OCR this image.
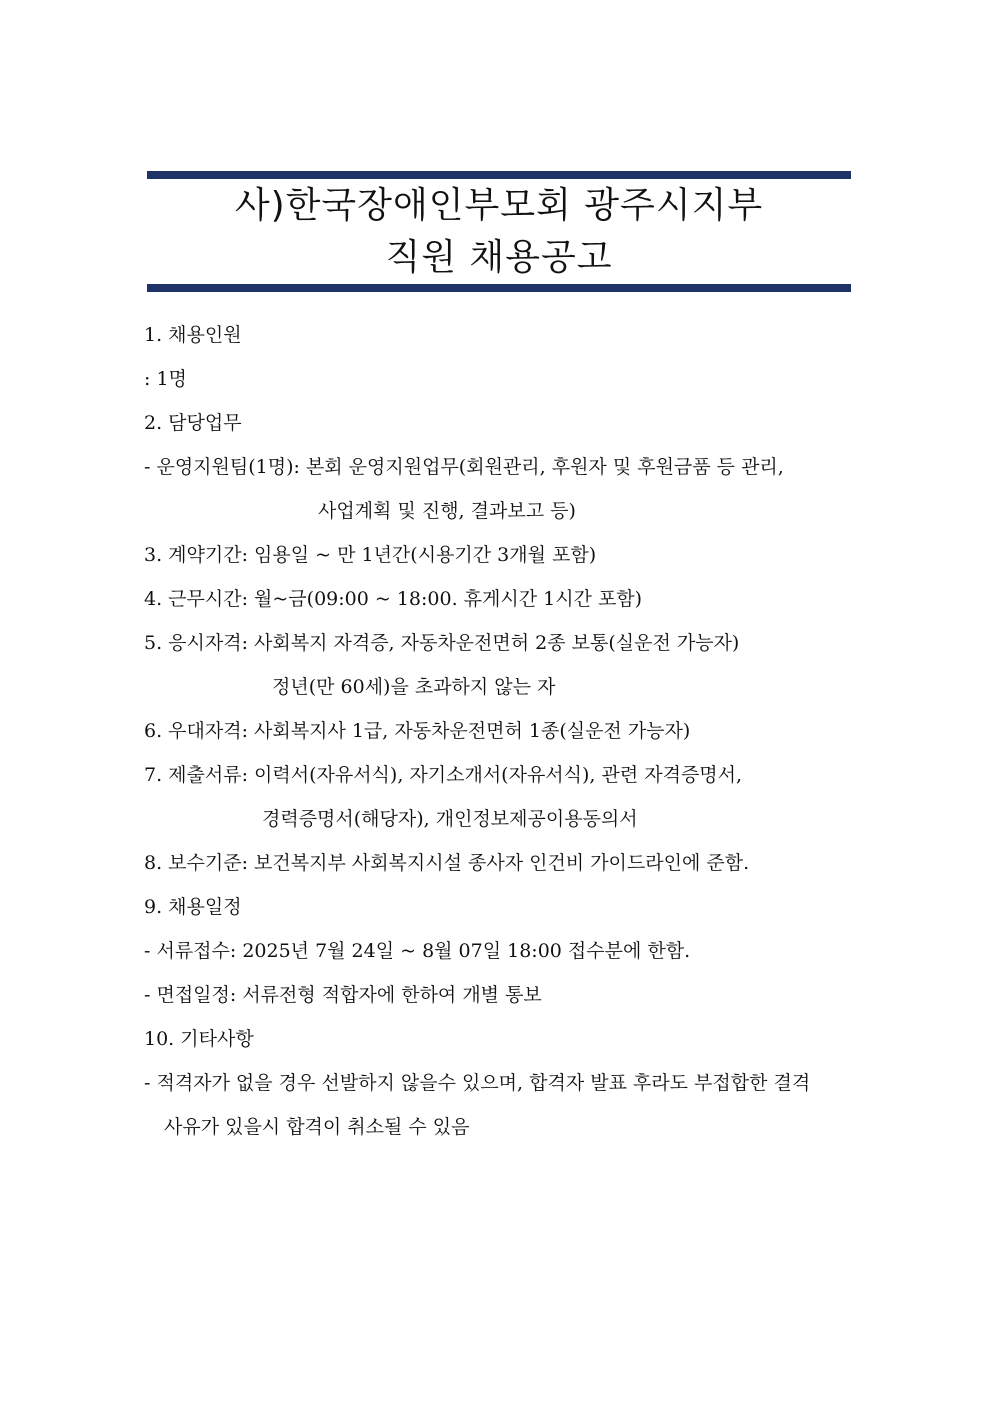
사)한국장애인부모회 광주시지부
직원 채용공고
1. 채용인원
: 1명
2. 담당업무
- 운영지원팀(1명): 본회 운영지원업무(회원관리, 후원자 및 후원금품 등 관리,
사업계획 및 진행, 결과보고 등)
3. 계약기간: 임용일 ~ 만 1년간(시용기간 3개월 포함)
4. 근무시간: 월~금(09:00 ~ 18:00. 휴게시간 1시간 포함)
5. 응시자격: 사회복지 자격증, 자동차운전면허 2종 보통(실운전 가능자)
정년(만 60세)을 초과하지 않는 자
6. 우대자격: 사회복지사 1급, 자동차운전면허 1종(실운전 가능자)
7. 제출서류: 이력서(자유서식), 자기소개서(자유서식), 관련 자격증명서,
경력증명서(해당자), 개인정보제공이용동의서
8. 보수기준: 보건복지부 사회복지시설 종사자 인건비 가이드라인에 준함.
9. 채용일정
- 서류접수: 2025년 7월 24일 ~ 8월 07일 18:00 접수분에 한함.
- 면접일정: 서류전형 적합자에 한하여 개별 통보
10. 기타사항
- 적격자가 없을 경우 선발하지 않을수 있으며, 합격자 발표 후라도 부접합한 결격
사유가 있을시 합격이 취소될 수 있음
